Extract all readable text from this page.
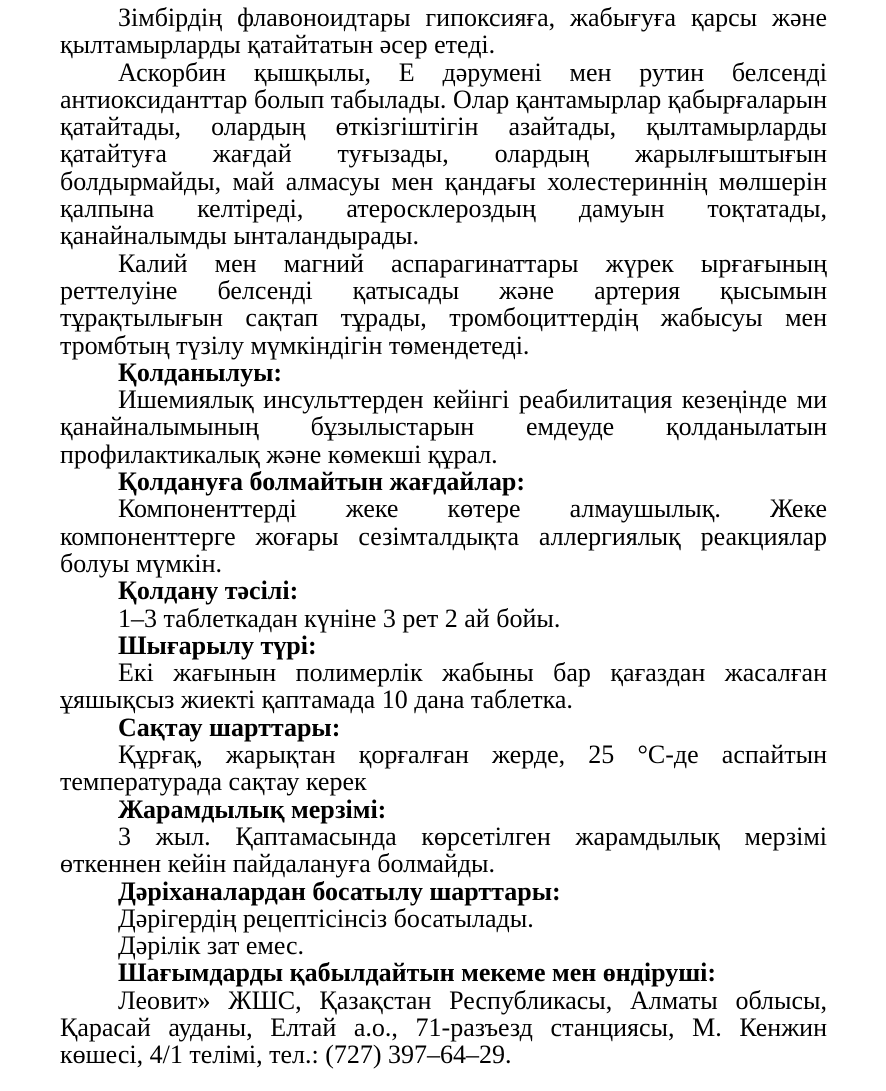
Зімбірдің флавоноидтары гипоксияға, жабығуға қарсы және қылтамырларды қатайтатын әсер етеді.

Аскорбин қышқылы, Е дәрумені мен рутин белсенді антиоксиданттар болып табылады. Олар қантамырлар қабырғаларын қатайтады, олардың өткізгіштігін азайтады, қылтамырларды қатайтуға жағдай туғызады, олардың жарылғыштығын болдырмайды, май алмасуы мен қандағы холестериннің мөлшерін қалпына келтіреді, атеросклероздың дамуын тоқтатады, қанайналымды ынталандырады.

Калий мен магний аспарагинаттары жүрек ырғағының реттелуіне белсенді қатысады және артерия қысымын тұрақтылығын сақтап тұрады, тромбоциттердің жабысуы мен тромбтың түзілу мүмкіндігін төмендетеді.

Қолданылуы:

Ишемиялық инсульттерден кейінгі реабилитация кезеңінде ми қанайналымының бұзылыстарын емдеуде қолданылатын профилактикалық және көмекші құрал.

Қолдануға болмайтын жағдайлар:

Компоненттерді жеке көтере алмаушылық. Жеке компоненттерге жоғары сезімталдықта аллергиялық реакциялар болуы мүмкін.

Қолдану тәсілі:

1–3 таблеткадан күніне 3 рет 2 ай бойы.

Шығарылу түрі:

Екі жағынын полимерлік жабыны бар қағаздан жасалған ұяшықсыз жиекті қаптамада 10 дана таблетка.

Сақтау шарттары:

Құрғақ, жарықтан қорғалған жерде, 25 °С-де аспайтын температурада сақтау керек

Жарамдылық мерзімі:

3 жыл. Қаптамасында көрсетілген жарамдылық мерзімі өткеннен кейін пайдалануға болмайды.

Дәріханалардан босатылу шарттары:

Дәрігердің рецептісінсіз босатылады.

Дәрілік зат емес.

Шағымдарды қабылдайтын мекеме мен өндіруші:

Леовит» ЖШС, Қазақстан Республикасы, Алматы облысы, Қарасай ауданы, Елтай а.о., 71-разъезд станциясы, М. Кенжин көшесі, 4/1 телімі, тел.: (727) 397–64–29.
